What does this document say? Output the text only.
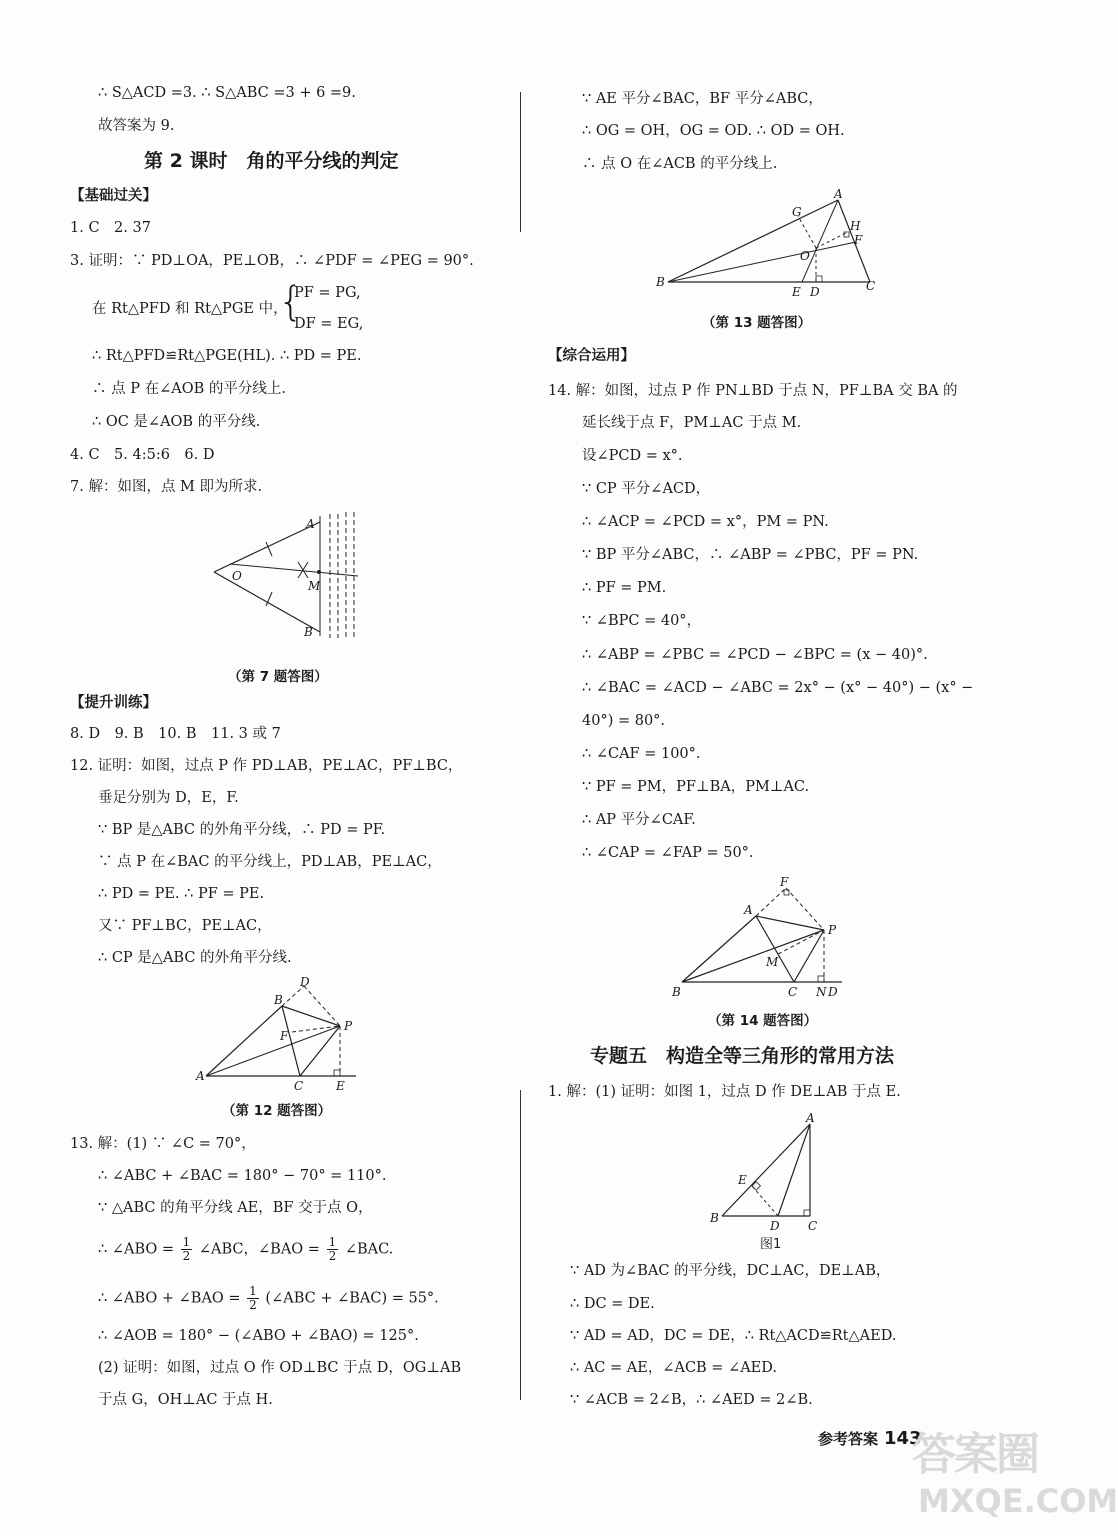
∴ S△ACD =3. ∴ S△ABC =3 + 6 =9.
故答案为 9.
第 2 课时　角的平分线的判定
【基础过关】
1. C　2. 37
3. 证明：∵ PD⊥OA，PE⊥OB，∴ ∠PDF = ∠PEG = 90°.
在 Rt△PFD 和 Rt△PGE 中，
{
PF = PG,
DF = EG,
∴ Rt△PFD≌Rt△PGE(HL). ∴ PD = PE.
∴ 点 P 在∠AOB 的平分线上.
∴ OC 是∠AOB 的平分线.
4. C　5. 4:5:6　6. D
7. 解：如图，点 M 即为所求.
A
O
M
B
（第 7 题答图）
【提升训练】
8. D　9. B　10. B　11. 3 或 7
12. 证明：如图，过点 P 作 PD⊥AB，PE⊥AC，PF⊥BC，
垂足分别为 D，E，F.
∵ BP 是△ABC 的外角平分线，∴ PD = PF.
∵ 点 P 在∠BAC 的平分线上，PD⊥AB，PE⊥AC，
∴ PD = PE. ∴ PF = PE.
又∵ PF⊥BC，PE⊥AC，
∴ CP 是△ABC 的外角平分线.
D
B
F
P
A
C	E
（第 12 题答图）
13. 解：(1) ∵ ∠C = 70°，
∴ ∠ABC + ∠BAC = 180° − 70° = 110°.
∵ △ABC 的角平分线 AE，BF 交于点 O，
∴ ∠ABO = $\frac{1}{2}$ ∠ABC，∠BAO = $\frac{1}{2}$ ∠BAC.
∴ ∠ABO + ∠BAO = $\frac{1}{2}$ (∠ABC + ∠BAC) = 55°.
∴ ∠AOB = 180° − (∠ABO + ∠BAO) = 125°.
(2) 证明：如图，过点 O 作 OD⊥BC 于点 D，OG⊥AB
于点 G，OH⊥AC 于点 H.
∵ AE 平分∠BAC，BF 平分∠ABC，
∴ OG = OH，OG = OD. ∴ OD = OH.
∴ 点 O 在∠ACB 的平分线上.
A
G
H
F
O
B
E D	C
（第 13 题答图）
【综合运用】
14. 解：如图，过点 P 作 PN⊥BD 于点 N，PF⊥BA 交 BA 的
延长线于点 F，PM⊥AC 于点 M.
设∠PCD = x°.
∵ CP 平分∠ACD，
∴ ∠ACP = ∠PCD = x°，PM = PN.
∵ BP 平分∠ABC，∴ ∠ABP = ∠PBC，PF = PN.
∴ PF = PM.
∵ ∠BPC = 40°，
∴ ∠ABP = ∠PBC = ∠PCD − ∠BPC = (x − 40)°.
∴ ∠BAC = ∠ACD − ∠ABC = 2x° − (x° − 40°) − (x° −
40°) = 80°.
∴ ∠CAF = 100°.
∵ PF = PM，PF⊥BA，PM⊥AC.
∴ AP 平分∠CAF.
∴ ∠CAP = ∠FAP = 50°.
F
A
P
M
B	C N D
（第 14 题答图）
专题五　构造全等三角形的常用方法
1. 解：(1) 证明：如图 1，过点 D 作 DE⊥AB 于点 E.
A
E
B
D C
图1
∵ AD 为∠BAC 的平分线，DC⊥AC，DE⊥AB，
∴ DC = DE.
∵ AD = AD，DC = DE，∴ Rt△ACD≌Rt△AED.
∴ AC = AE，∠ACB = ∠AED.
∵ ∠ACB = 2∠B，∴ ∠AED = 2∠B.
参考答案 143
答案圈
MXQE.COM
